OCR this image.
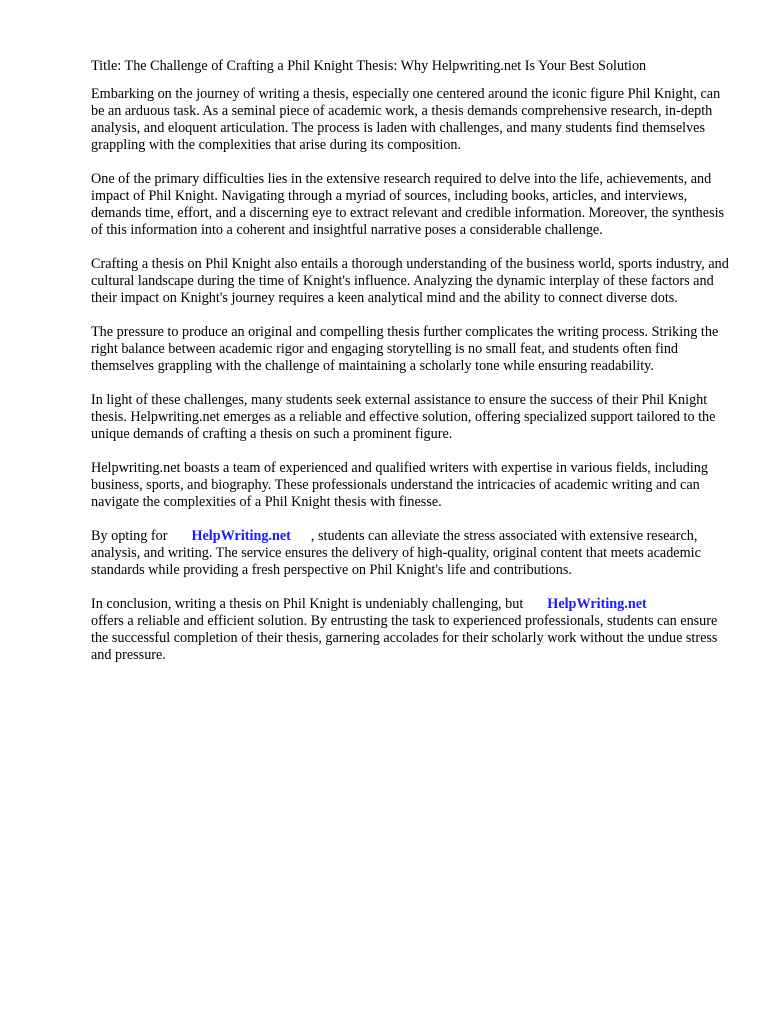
Title: The Challenge of Crafting a Phil Knight Thesis: Why Helpwriting.net Is Your Best Solution

Embarking on the journey of writing a thesis, especially one centered around the iconic figure Phil Knight, can be an arduous task. As a seminal piece of academic work, a thesis demands comprehensive research, in-depth analysis, and eloquent articulation. The process is laden with challenges, and many students find themselves grappling with the complexities that arise during its composition.

One of the primary difficulties lies in the extensive research required to delve into the life, achievements, and impact of Phil Knight. Navigating through a myriad of sources, including books, articles, and interviews, demands time, effort, and a discerning eye to extract relevant and credible information. Moreover, the synthesis of this information into a coherent and insightful narrative poses a considerable challenge.

Crafting a thesis on Phil Knight also entails a thorough understanding of the business world, sports industry, and cultural landscape during the time of Knight's influence. Analyzing the dynamic interplay of these factors and their impact on Knight's journey requires a keen analytical mind and the ability to connect diverse dots.

The pressure to produce an original and compelling thesis further complicates the writing process. Striking the right balance between academic rigor and engaging storytelling is no small feat, and students often find themselves grappling with the challenge of maintaining a scholarly tone while ensuring readability.

In light of these challenges, many students seek external assistance to ensure the success of their Phil Knight thesis. Helpwriting.net emerges as a reliable and effective solution, offering specialized support tailored to the unique demands of crafting a thesis on such a prominent figure.

Helpwriting.net boasts a team of experienced and qualified writers with expertise in various fields, including business, sports, and biography. These professionals understand the intricacies of academic writing and can navigate the complexities of a Phil Knight thesis with finesse.

By opting for HelpWriting.net , students can alleviate the stress associated with extensive research, analysis, and writing. The service ensures the delivery of high-quality, original content that meets academic standards while providing a fresh perspective on Phil Knight's life and contributions.

In conclusion, writing a thesis on Phil Knight is undeniably challenging, but HelpWriting.net
offers a reliable and efficient solution. By entrusting the task to experienced professionals, students can ensure the successful completion of their thesis, garnering accolades for their scholarly work without the undue stress and pressure.
